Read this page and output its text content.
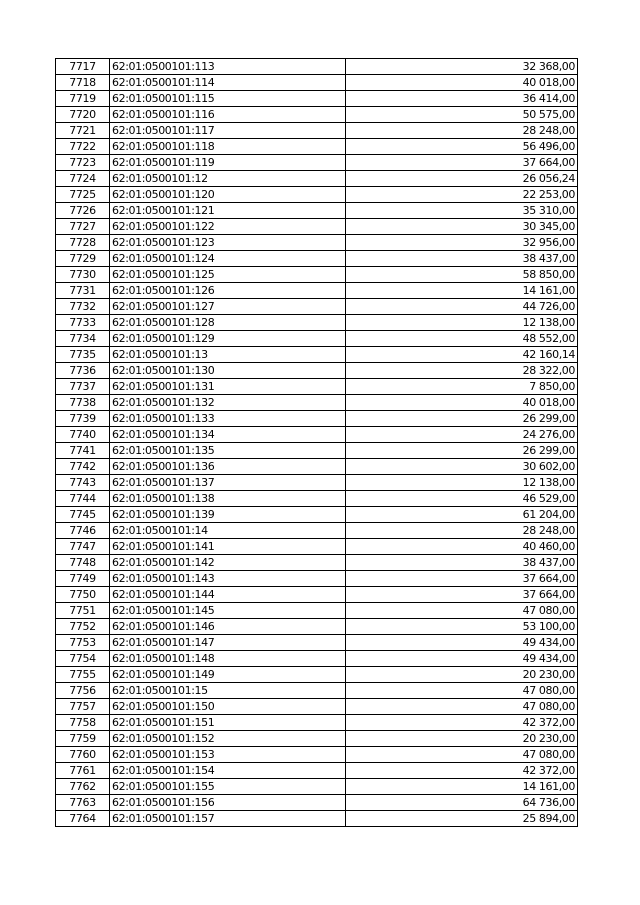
7717	62:01:0500101:113	32 368,00
7718	62:01:0500101:114	40 018,00
7719	62:01:0500101:115	36 414,00
7720	62:01:0500101:116	50 575,00
7721	62:01:0500101:117	28 248,00
7722	62:01:0500101:118	56 496,00
7723	62:01:0500101:119	37 664,00
7724	62:01:0500101:12	26 056,24
7725	62:01:0500101:120	22 253,00
7726	62:01:0500101:121	35 310,00
7727	62:01:0500101:122	30 345,00
7728	62:01:0500101:123	32 956,00
7729	62:01:0500101:124	38 437,00
7730	62:01:0500101:125	58 850,00
7731	62:01:0500101:126	14 161,00
7732	62:01:0500101:127	44 726,00
7733	62:01:0500101:128	12 138,00
7734	62:01:0500101:129	48 552,00
7735	62:01:0500101:13	42 160,14
7736	62:01:0500101:130	28 322,00
7737	62:01:0500101:131	7 850,00
7738	62:01:0500101:132	40 018,00
7739	62:01:0500101:133	26 299,00
7740	62:01:0500101:134	24 276,00
7741	62:01:0500101:135	26 299,00
7742	62:01:0500101:136	30 602,00
7743	62:01:0500101:137	12 138,00
7744	62:01:0500101:138	46 529,00
7745	62:01:0500101:139	61 204,00
7746	62:01:0500101:14	28 248,00
7747	62:01:0500101:141	40 460,00
7748	62:01:0500101:142	38 437,00
7749	62:01:0500101:143	37 664,00
7750	62:01:0500101:144	37 664,00
7751	62:01:0500101:145	47 080,00
7752	62:01:0500101:146	53 100,00
7753	62:01:0500101:147	49 434,00
7754	62:01:0500101:148	49 434,00
7755	62:01:0500101:149	20 230,00
7756	62:01:0500101:15	47 080,00
7757	62:01:0500101:150	47 080,00
7758	62:01:0500101:151	42 372,00
7759	62:01:0500101:152	20 230,00
7760	62:01:0500101:153	47 080,00
7761	62:01:0500101:154	42 372,00
7762	62:01:0500101:155	14 161,00
7763	62:01:0500101:156	64 736,00
7764	62:01:0500101:157	25 894,00
